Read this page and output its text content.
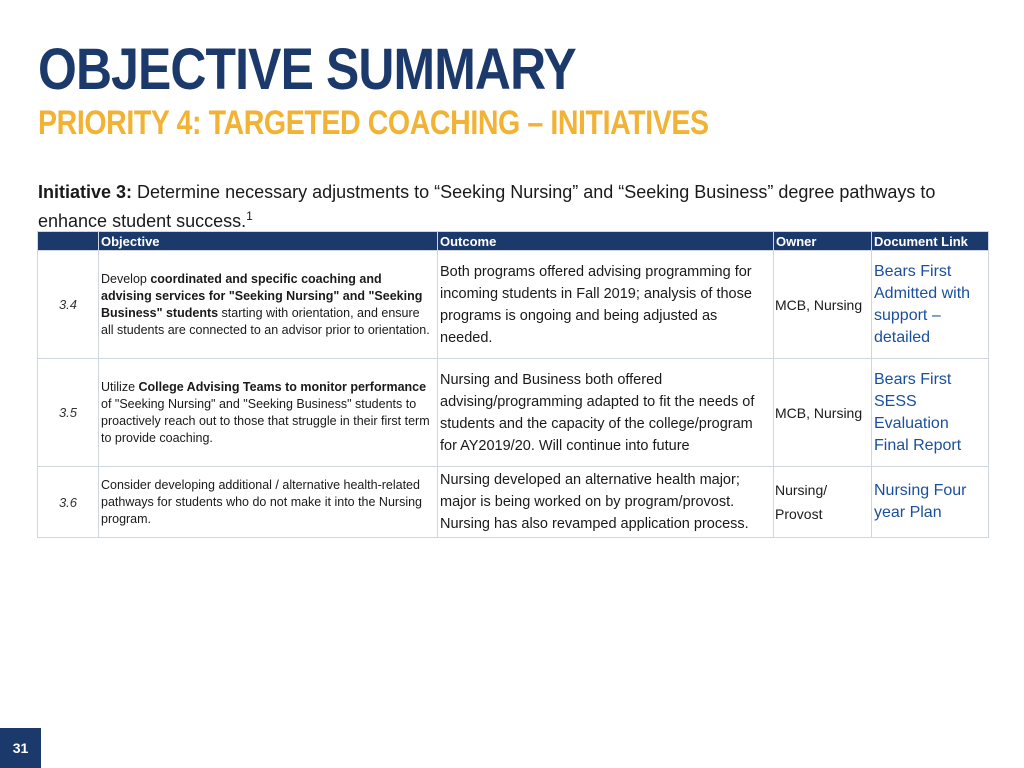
OBJECTIVE SUMMARY
PRIORITY 4: TARGETED COACHING – INITIATIVES
Initiative 3: Determine necessary adjustments to “Seeking Nursing” and “Seeking Business” degree pathways to enhance student success.$^1$
	Objective	Outcome	Owner	Document Link
3.4	Develop coordinated and specific coaching and advising services for "Seeking Nursing" and "Seeking Business" students starting with orientation, and ensure all students are connected to an advisor prior to orientation.	Both programs offered advising programming for incoming students in Fall 2019; analysis of those programs is ongoing and being adjusted as needed.	MCB, Nursing	Bears First Admitted with support – detailed
3.5	Utilize College Advising Teams to monitor performance of "Seeking Nursing" and "Seeking Business" students to proactively reach out to those that struggle in their first term to provide coaching.	Nursing and Business both offered advising/programming adapted to fit the needs of students and the capacity of the college/program for AY2019/20. Will continue into future	MCB, Nursing	Bears First SESS Evaluation Final Report
3.6	Consider developing additional / alternative health-related pathways for students who do not make it into the Nursing program.	Nursing developed an alternative health major; major is being worked on by program/provost. Nursing has also revamped application process.	Nursing/ Provost	Nursing Four year Plan
31
